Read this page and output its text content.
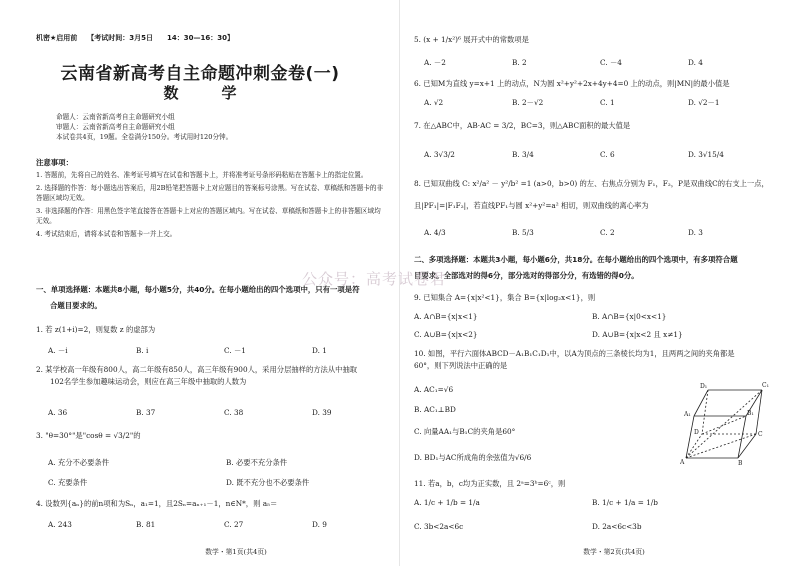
机密★启用前 【考试时间：3月5日　　14：30—16：30】
云南省新高考自主命题冲刺金卷(一)
数　学
命题人：云南省新高考自主命题研究小组
审题人：云南省新高考自主命题研究小组
本试卷共4页，19题。全卷满分150分。考试用时120分钟。
注意事项：

1. 答题前，先将自己的姓名、准考证号填写在试卷和答题卡上，并将准考证号条形码粘贴在答题卡上的指定位置。

2. 选择题的作答：每小题选出答案后，用2B铅笔把答题卡上对应题目的答案标号涂黑。写在试卷、草稿纸和答题卡的非答题区域均无效。

3. 非选择题的作答：用黑色签字笔直接答在答题卡上对应的答题区域内。写在试卷、草稿纸和答题卡上的非答题区域均无效。

4. 考试结束后，请将本试卷和答题卡一并上交。

一、单项选择题：本题共8小题，每小题5分，共40分。在每小题给出的四个选项中，只有一项是符
合题目要求的。
1. 若 z(1+i)=2，则复数 z 的虚部为
A. －i	B. i	C. －1	D. 1
2. 某学校高一年级有800人，高二年级有850人，高三年级有900人，采用分层抽样的方法从中抽取
102名学生参加趣味运动会，则应在高三年级中抽取的人数为
A. 36	B. 37	C. 38	D. 39
3. "θ=30°"是"cosθ = √3/2"的
A. 充分不必要条件	B. 必要不充分条件
C. 充要条件	D. 既不充分也不必要条件
4. 设数列{aₙ}的前n项和为Sₙ，a₁=1，且2Sₙ=aₙ₊₁－1，n∈N*，则 a₅＝
A. 243	B. 81	C. 27	D. 9
数学・第1页(共4页)
5. (x + 1/x²)⁶ 展开式中的常数项是
A. －2	B. 2	C. －4	D. 4
6. 已知M为直线 y=x+1 上的动点，N为圆 x²+y²+2x+4y+4=0 上的动点，则|MN|的最小值是
A. √2	B. 2－√2	C. 1	D. √2－1
7. 在△ABC中，AB·AC = 3/2，BC=3，则△ABC面积的最大值是
A. 3√3/2	B. 3/4	C. 6	D. 3√15/4
8. 已知双曲线 C: x²/a² － y²/b² =1 (a>0，b>0) 的左、右焦点分别为 F₁，F₂，P是双曲线C的右支上一点，
且|PF₁|=|F₁F₂|，若直线PF₁与圆 x²+y²=a² 相切，则双曲线的离心率为
A. 4/3	B. 5/3	C. 2	D. 3
二、多项选择题：本题共3小题，每小题6分，共18分。在每小题给出的四个选项中，有多项符合题
目要求。全部选对的得6分，部分选对的得部分分，有选错的得0分。
9. 已知集合 A={x|x²<1}，集合 B={x|log₂x<1}，则
A. A∩B={x|x<1}	B. A∩B={x|0<x<1}
C. A∪B={x|x<2}	D. A∪B={x|x<2 且 x≠1}
10. 如图，平行六面体ABCD－A₁B₁C₁D₁中，以A为顶点的三条棱长均为1，且两两之间的夹角都是
60°，则下列说法中正确的是
A. AC₁=√6
B. AC₁⊥BD
C. 向量AA₁与B₁C的夹角是60°
D. BD₁与AC所成角的余弦值为√6/6
11. 若a，b，c均为正实数，且 2ᵃ=3ᵇ=6ᶜ，则
A. 1/c + 1/b = 1/a	B. 1/c + 1/a = 1/b
C. 3b<2a<6c	D. 2a<6c<3b
数学・第2页(共4页)
D₁	C₁
A₁	B₁
D	C
A	B
公众号：高考试卷君
